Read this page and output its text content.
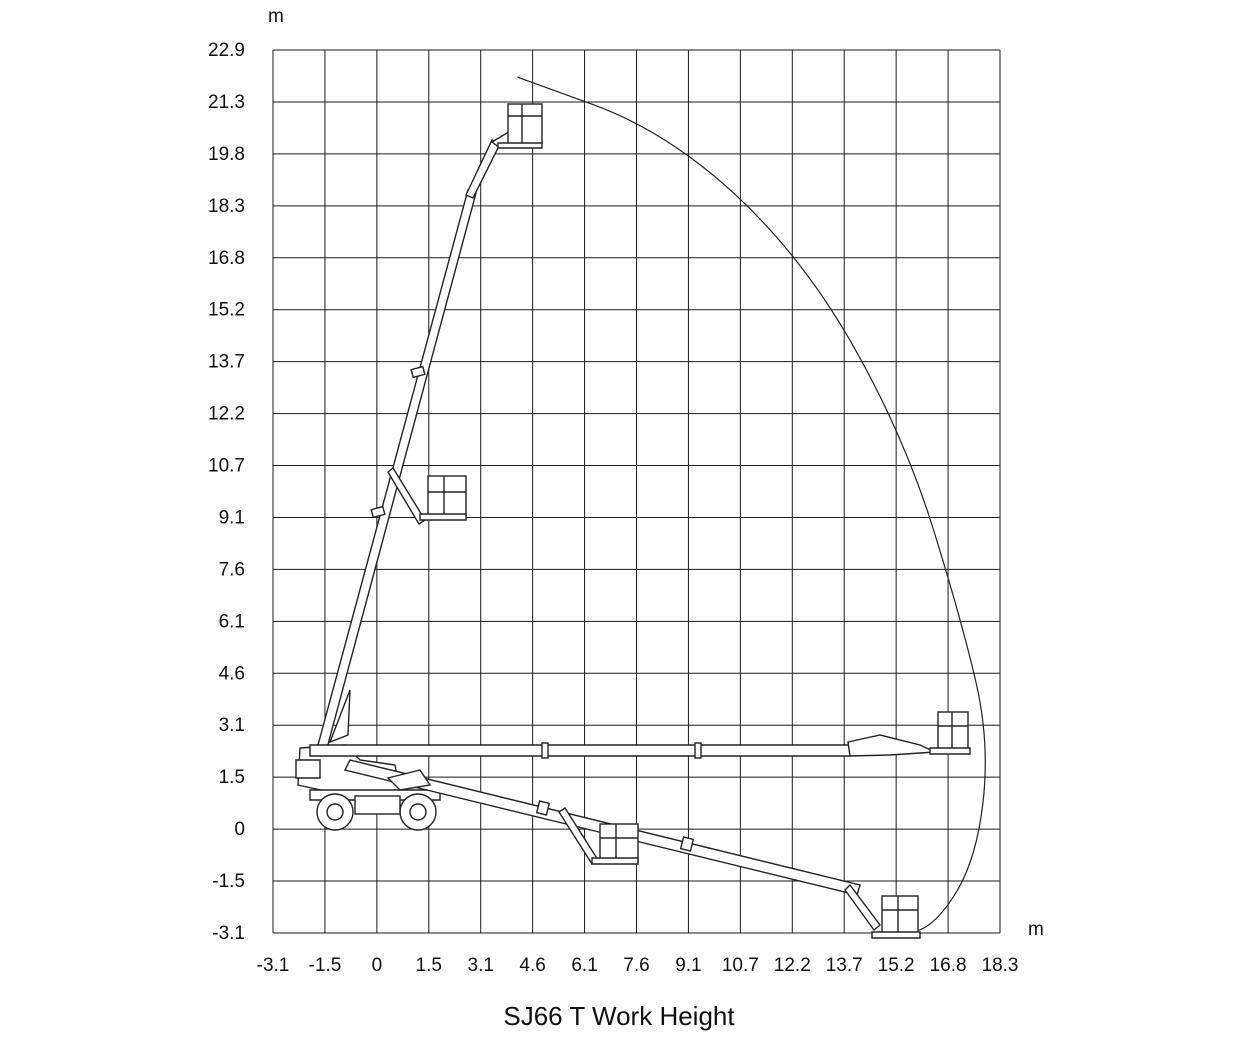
22.9
21.3
19.8
18.3
16.8
15.2
13.7
12.2
10.7
9.1
7.6
6.1
4.6
3.1
1.5
0
-1.5
-3.1
-3.1 -1.5 0 1.5 3.1 4.6 6.1 7.6 9.1 10.7 12.2 13.7 15.2 16.8 18.3
m
m
SJ66 T Work Height
